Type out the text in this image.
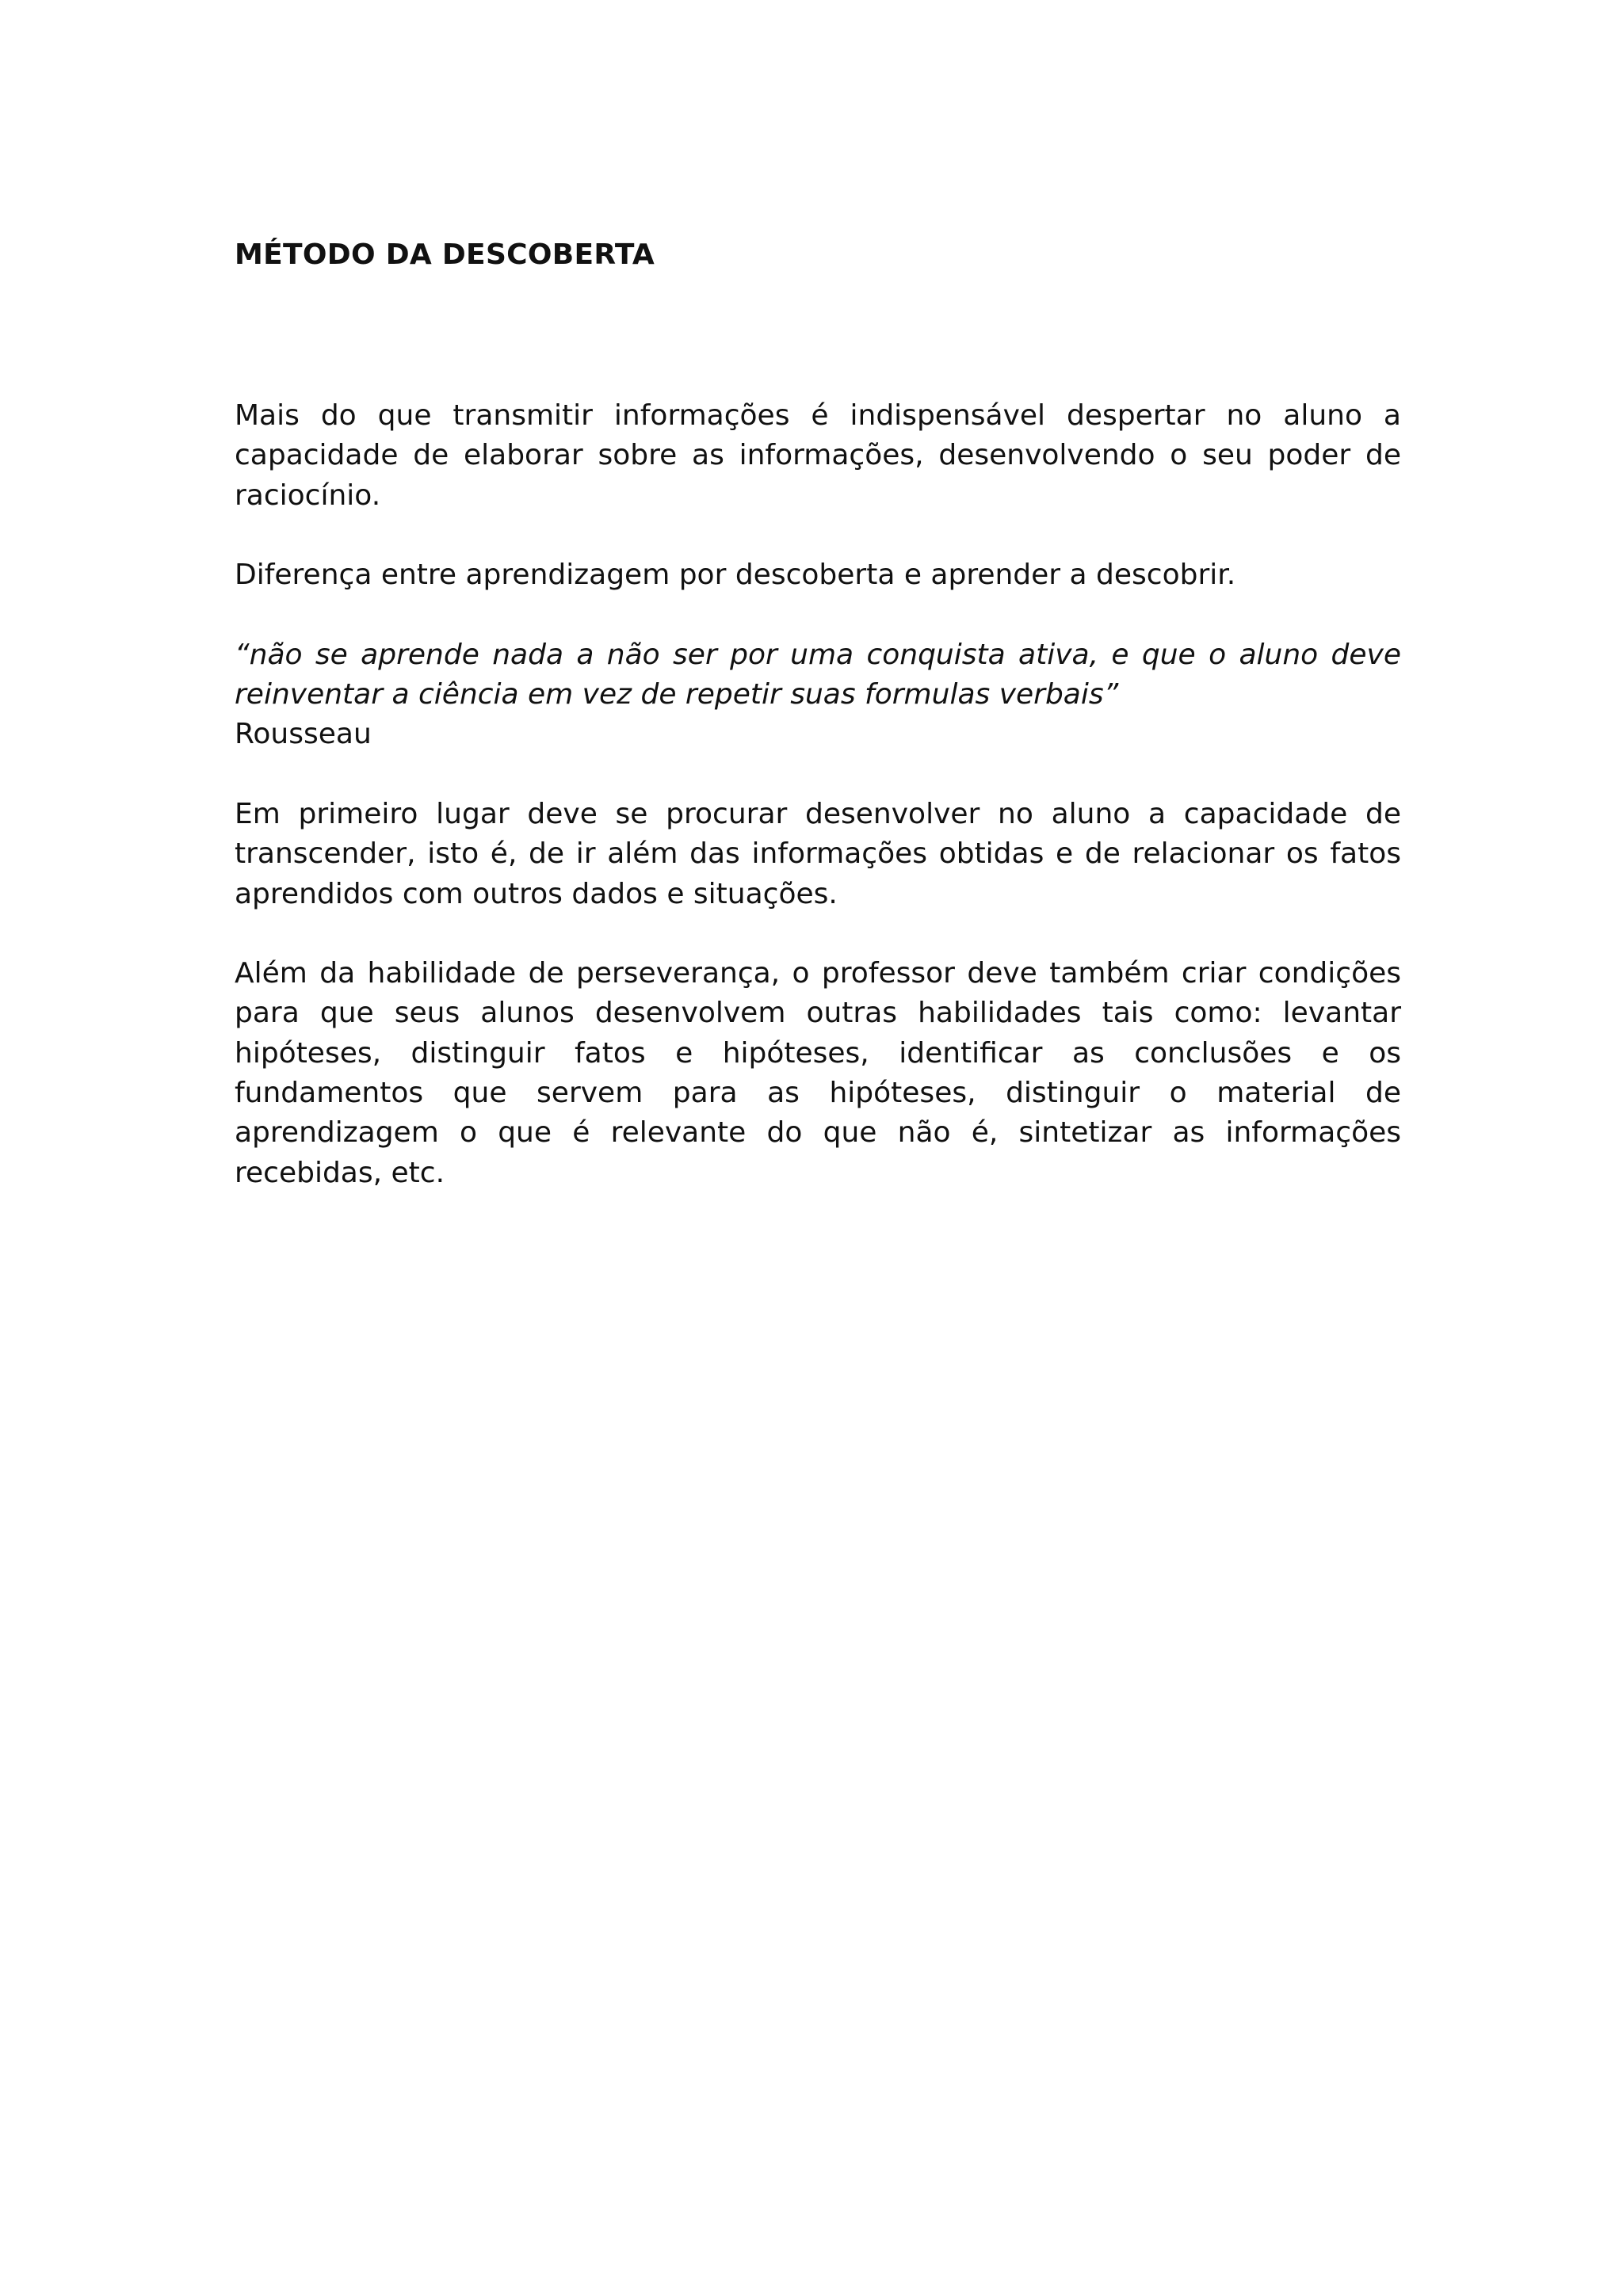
MÉTODO DA DESCOBERTA
Mais do que transmitir informações é indispensável despertar no aluno a
capacidade de elaborar sobre as informações, desenvolvendo o seu poder de
raciocínio.
Diferença entre aprendizagem por descoberta e aprender a descobrir.
“não se aprende nada a não ser por uma conquista ativa, e que o aluno deve
reinventar a ciência em vez de repetir suas formulas verbais”
Rousseau
Em primeiro lugar deve se procurar desenvolver no aluno a capacidade de
transcender, isto é, de ir além das informações obtidas e de relacionar os fatos
aprendidos com outros dados e situações.
Além da habilidade de perseverança, o professor deve também criar condições
para que seus alunos desenvolvem outras habilidades tais como: levantar
hipóteses, distinguir fatos e hipóteses, identificar as conclusões e os
fundamentos que servem para as hipóteses, distinguir o material de
aprendizagem o que é relevante do que não é, sintetizar as informações
recebidas, etc.
